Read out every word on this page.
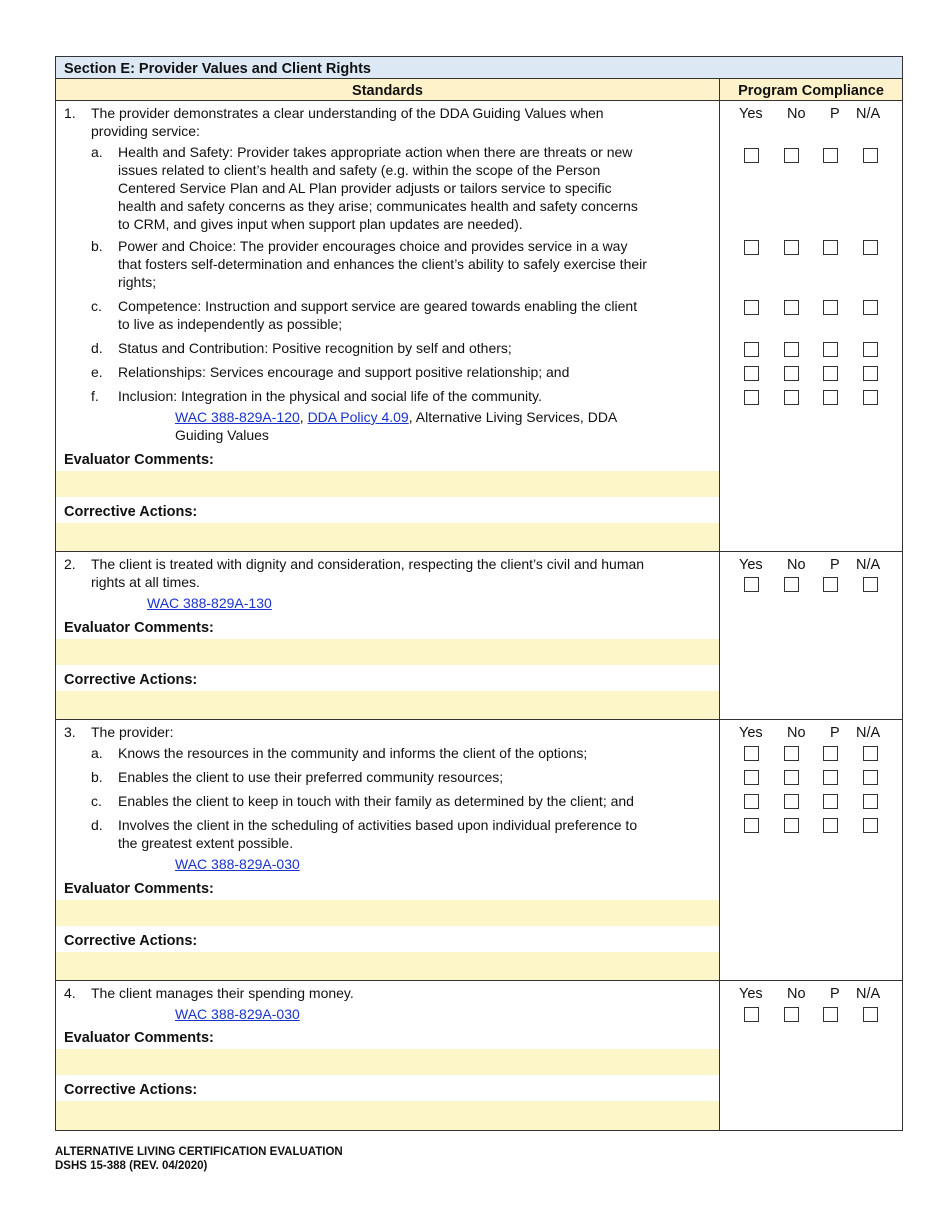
Section E: Provider Values and Client Rights
Standards	Program Compliance
1. The provider demonstrates a clear understanding of the DDA Guiding Values when
providing service:
a. Health and Safety: Provider takes appropriate action when there are threats or new
issues related to client’s health and safety (e.g. within the scope of the Person
Centered Service Plan and AL Plan provider adjusts or tailors service to specific
health and safety concerns as they arise; communicates health and safety concerns
to CRM, and gives input when support plan updates are needed).
b. Power and Choice: The provider encourages choice and provides service in a way
that fosters self-determination and enhances the client’s ability to safely exercise their
rights;
c. Competence: Instruction and support service are geared towards enabling the client
to live as independently as possible;
d. Status and Contribution: Positive recognition by self and others;
e. Relationships: Services encourage and support positive relationship; and
f. Inclusion: Integration in the physical and social life of the community.
WAC 388-829A-120, DDA Policy 4.09, Alternative Living Services, DDA
Guiding Values
Evaluator Comments:
Corrective Actions:
Yes No P N/A
2. The client is treated with dignity and consideration, respecting the client’s civil and human
rights at all times.
WAC 388-829A-130
Evaluator Comments:
Corrective Actions:
Yes No P N/A
3. The provider:
a. Knows the resources in the community and informs the client of the options;
b. Enables the client to use their preferred community resources;
c. Enables the client to keep in touch with their family as determined by the client; and
d. Involves the client in the scheduling of activities based upon individual preference to
the greatest extent possible.
WAC 388-829A-030
Evaluator Comments:
Corrective Actions:
Yes No P N/A
4. The client manages their spending money.
WAC 388-829A-030
Evaluator Comments:
Corrective Actions:
Yes No P N/A
ALTERNATIVE LIVING CERTIFICATION EVALUATION
DSHS 15-388 (REV. 04/2020)
